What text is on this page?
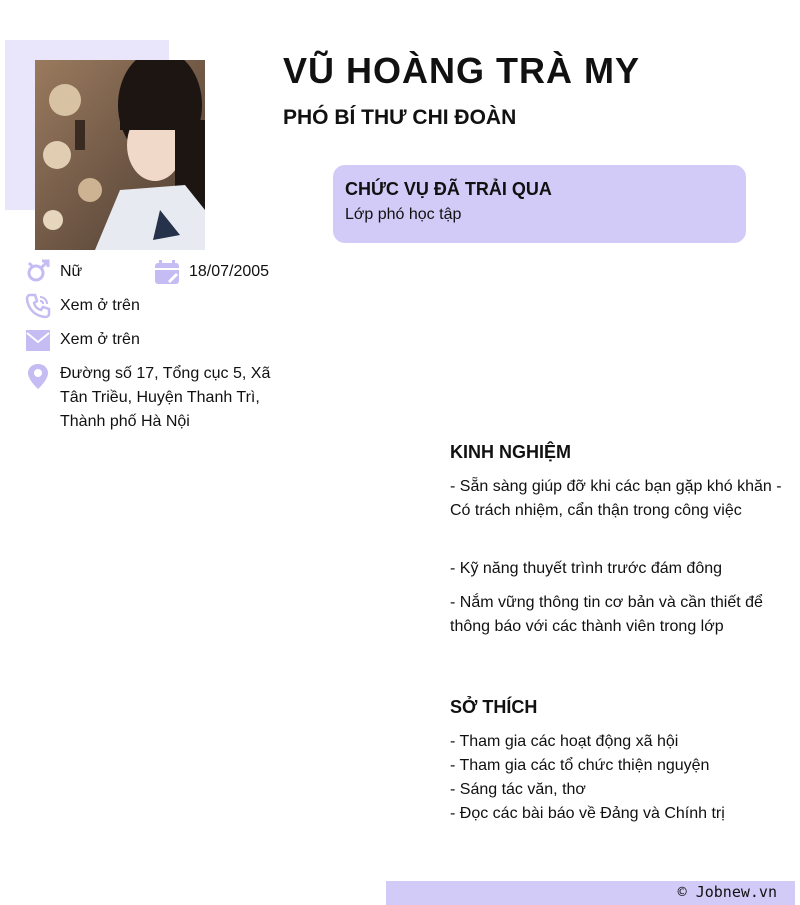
VŨ HOÀNG TRÀ MY
PHÓ BÍ THƯ CHI ĐOÀN
CHỨC VỤ ĐÃ TRẢI QUA
Lớp phó học tập
Nữ	18/07/2005
Xem ở trên
Xem ở trên
Đường số 17, Tổng cục 5, Xã
Tân Triều, Huyện Thanh Trì,
Thành phố Hà Nội
KINH NGHIỆM
- Sẵn sàng giúp đỡ khi các bạn gặp khó khăn - Có trách nhiệm, cẩn thận trong công việc
- Kỹ năng thuyết trình trước đám đông
- Nắm vững thông tin cơ bản và cần thiết để thông báo với các thành viên trong lớp
SỞ THÍCH
- Tham gia các hoạt động xã hội
- Tham gia các tổ chức thiện nguyện
- Sáng tác văn, thơ
- Đọc các bài báo về Đảng và Chính trị
© Jobnew.vn
